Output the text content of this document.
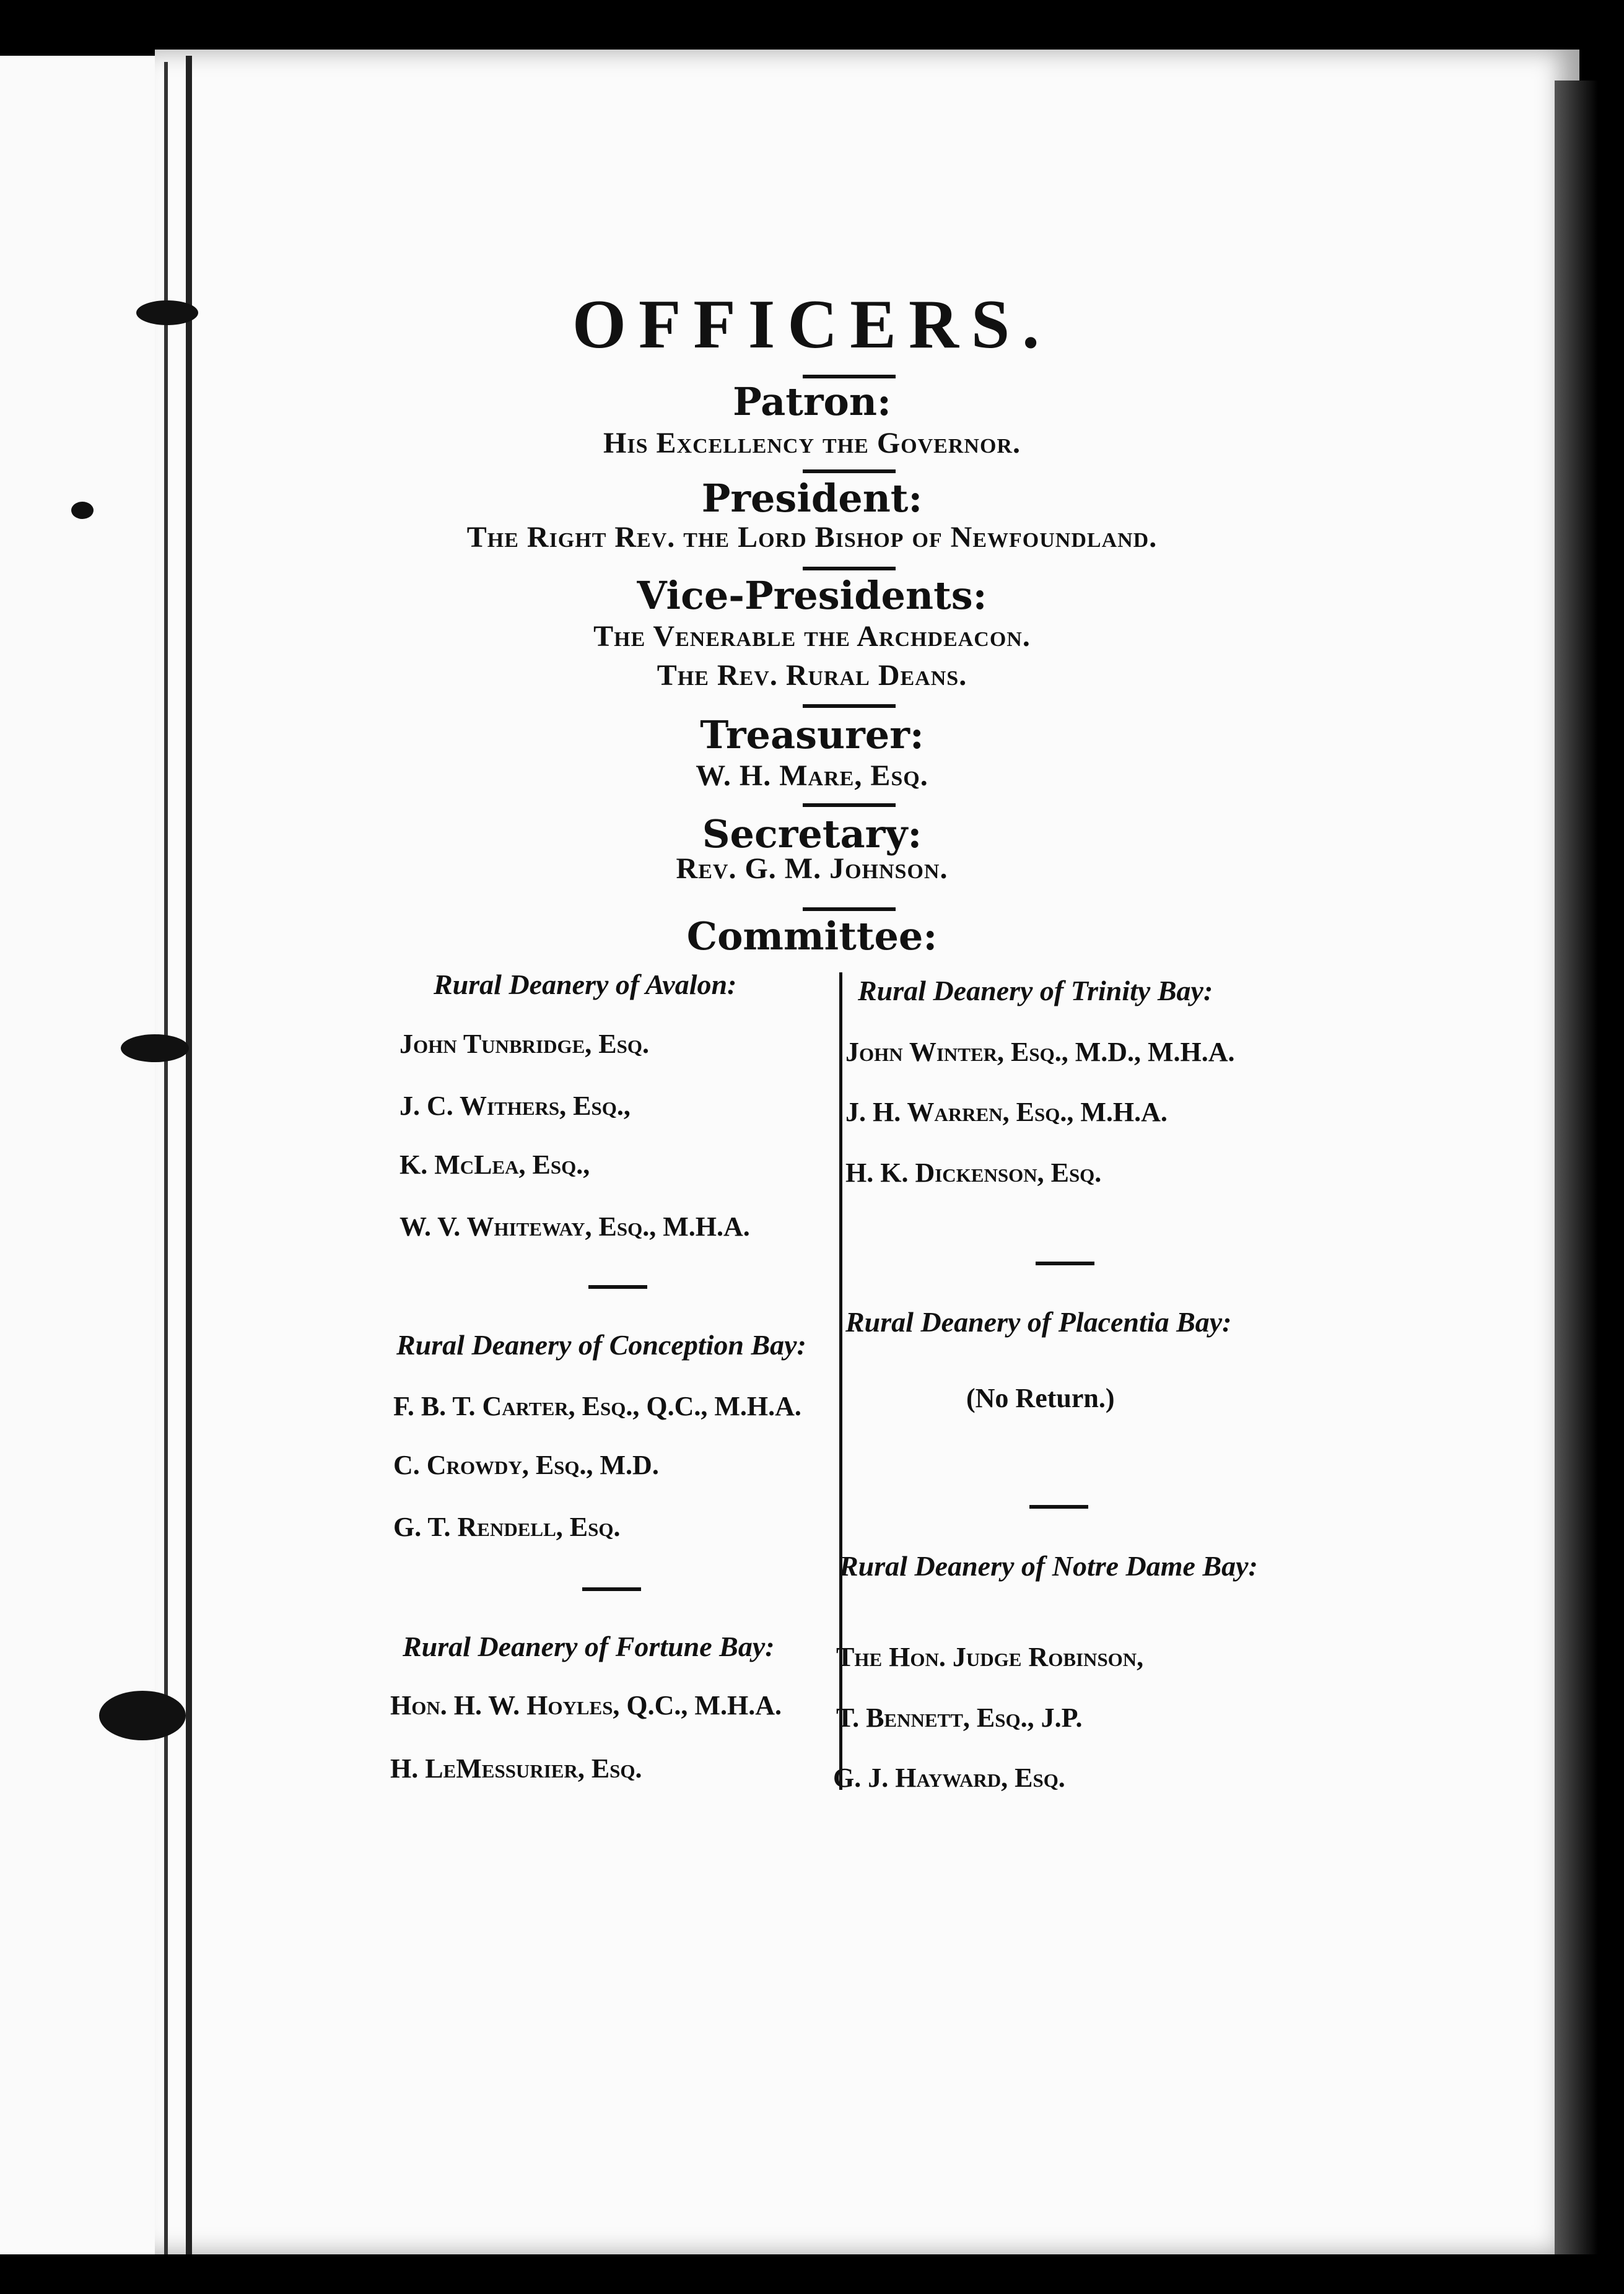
OFFICERS.
Patron:
His Excellency the Governor.
President:
The Right Rev. the Lord Bishop of Newfoundland.
Vice-Presidents:
The Venerable the Archdeacon.
The Rev. Rural Deans.
Treasurer:
W. H. Mare, Esq.
Secretary:
Rev. G. M. Johnson.
Committee:
Rural Deanery of Avalon:
John Tunbridge, Esq.
J. C. Withers, Esq.,
K. McLea, Esq.,
W. V. Whiteway, Esq., M.H.A.
Rural Deanery of Conception Bay:
F. B. T. Carter, Esq., Q.C., M.H.A.
C. Crowdy, Esq., M.D.
G. T. Rendell, Esq.
Rural Deanery of Fortune Bay:
Hon. H. W. Hoyles, Q.C., M.H.A.
H. LeMessurier, Esq.
Rural Deanery of Trinity Bay:
John Winter, Esq., M.D., M.H.A.
J. H. Warren, Esq., M.H.A.
H. K. Dickenson, Esq.
Rural Deanery of Placentia Bay:
(No Return.)
Rural Deanery of Notre Dame Bay:
The Hon. Judge Robinson,
T. Bennett, Esq., J.P.
G. J. Hayward, Esq.
